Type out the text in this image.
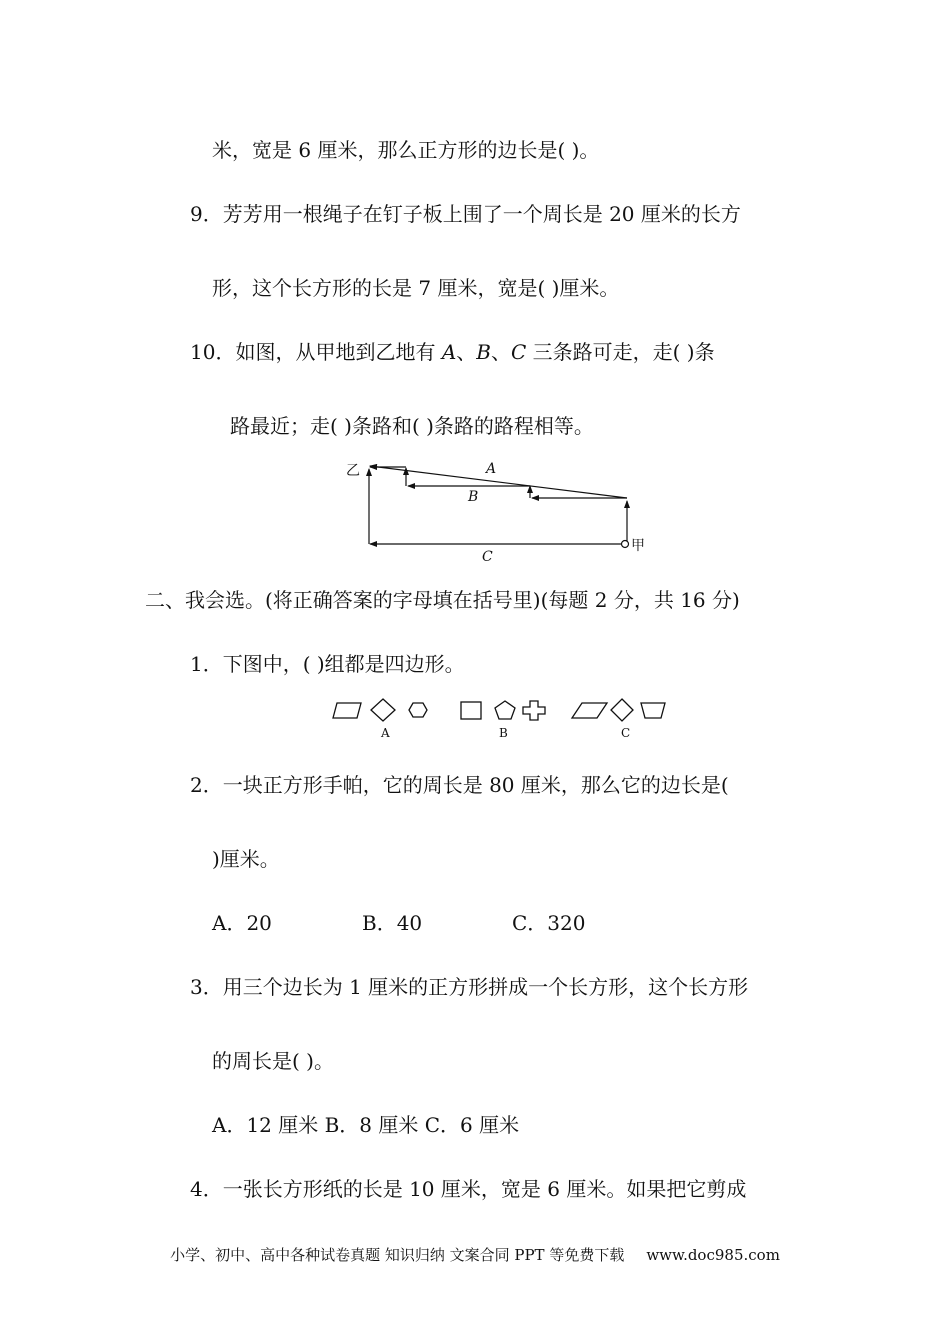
米，宽是 6 厘米，那么正方形的边长是( )。
9．芳芳用一根绳子在钉子板上围了一个周长是 20 厘米的长方
形，这个长方形的长是 7 厘米，宽是( )厘米。
10．如图，从甲地到乙地有 A、B、C 三条路可走，走( )条
路最近；走( )条路和( )条路的路程相等。
乙
甲
A
B
C
二、我会选。(将正确答案的字母填在括号里)(每题 2 分，共 16 分)
1．下图中，( )组都是四边形。
A	B	C
2．一块正方形手帕，它的周长是 80 厘米，那么它的边长是(
)厘米。
A．20	B．40	C．320
3．用三个边长为 1 厘米的正方形拼成一个长方形，这个长方形
的周长是( )。
A．12 厘米 B．8 厘米 C．6 厘米
4．一张长方形纸的长是 10 厘米，宽是 6 厘米。如果把它剪成
小学、初中、高中各种试卷真题 知识归纳 文案合同 PPT 等免费下载 www.doc985.com
